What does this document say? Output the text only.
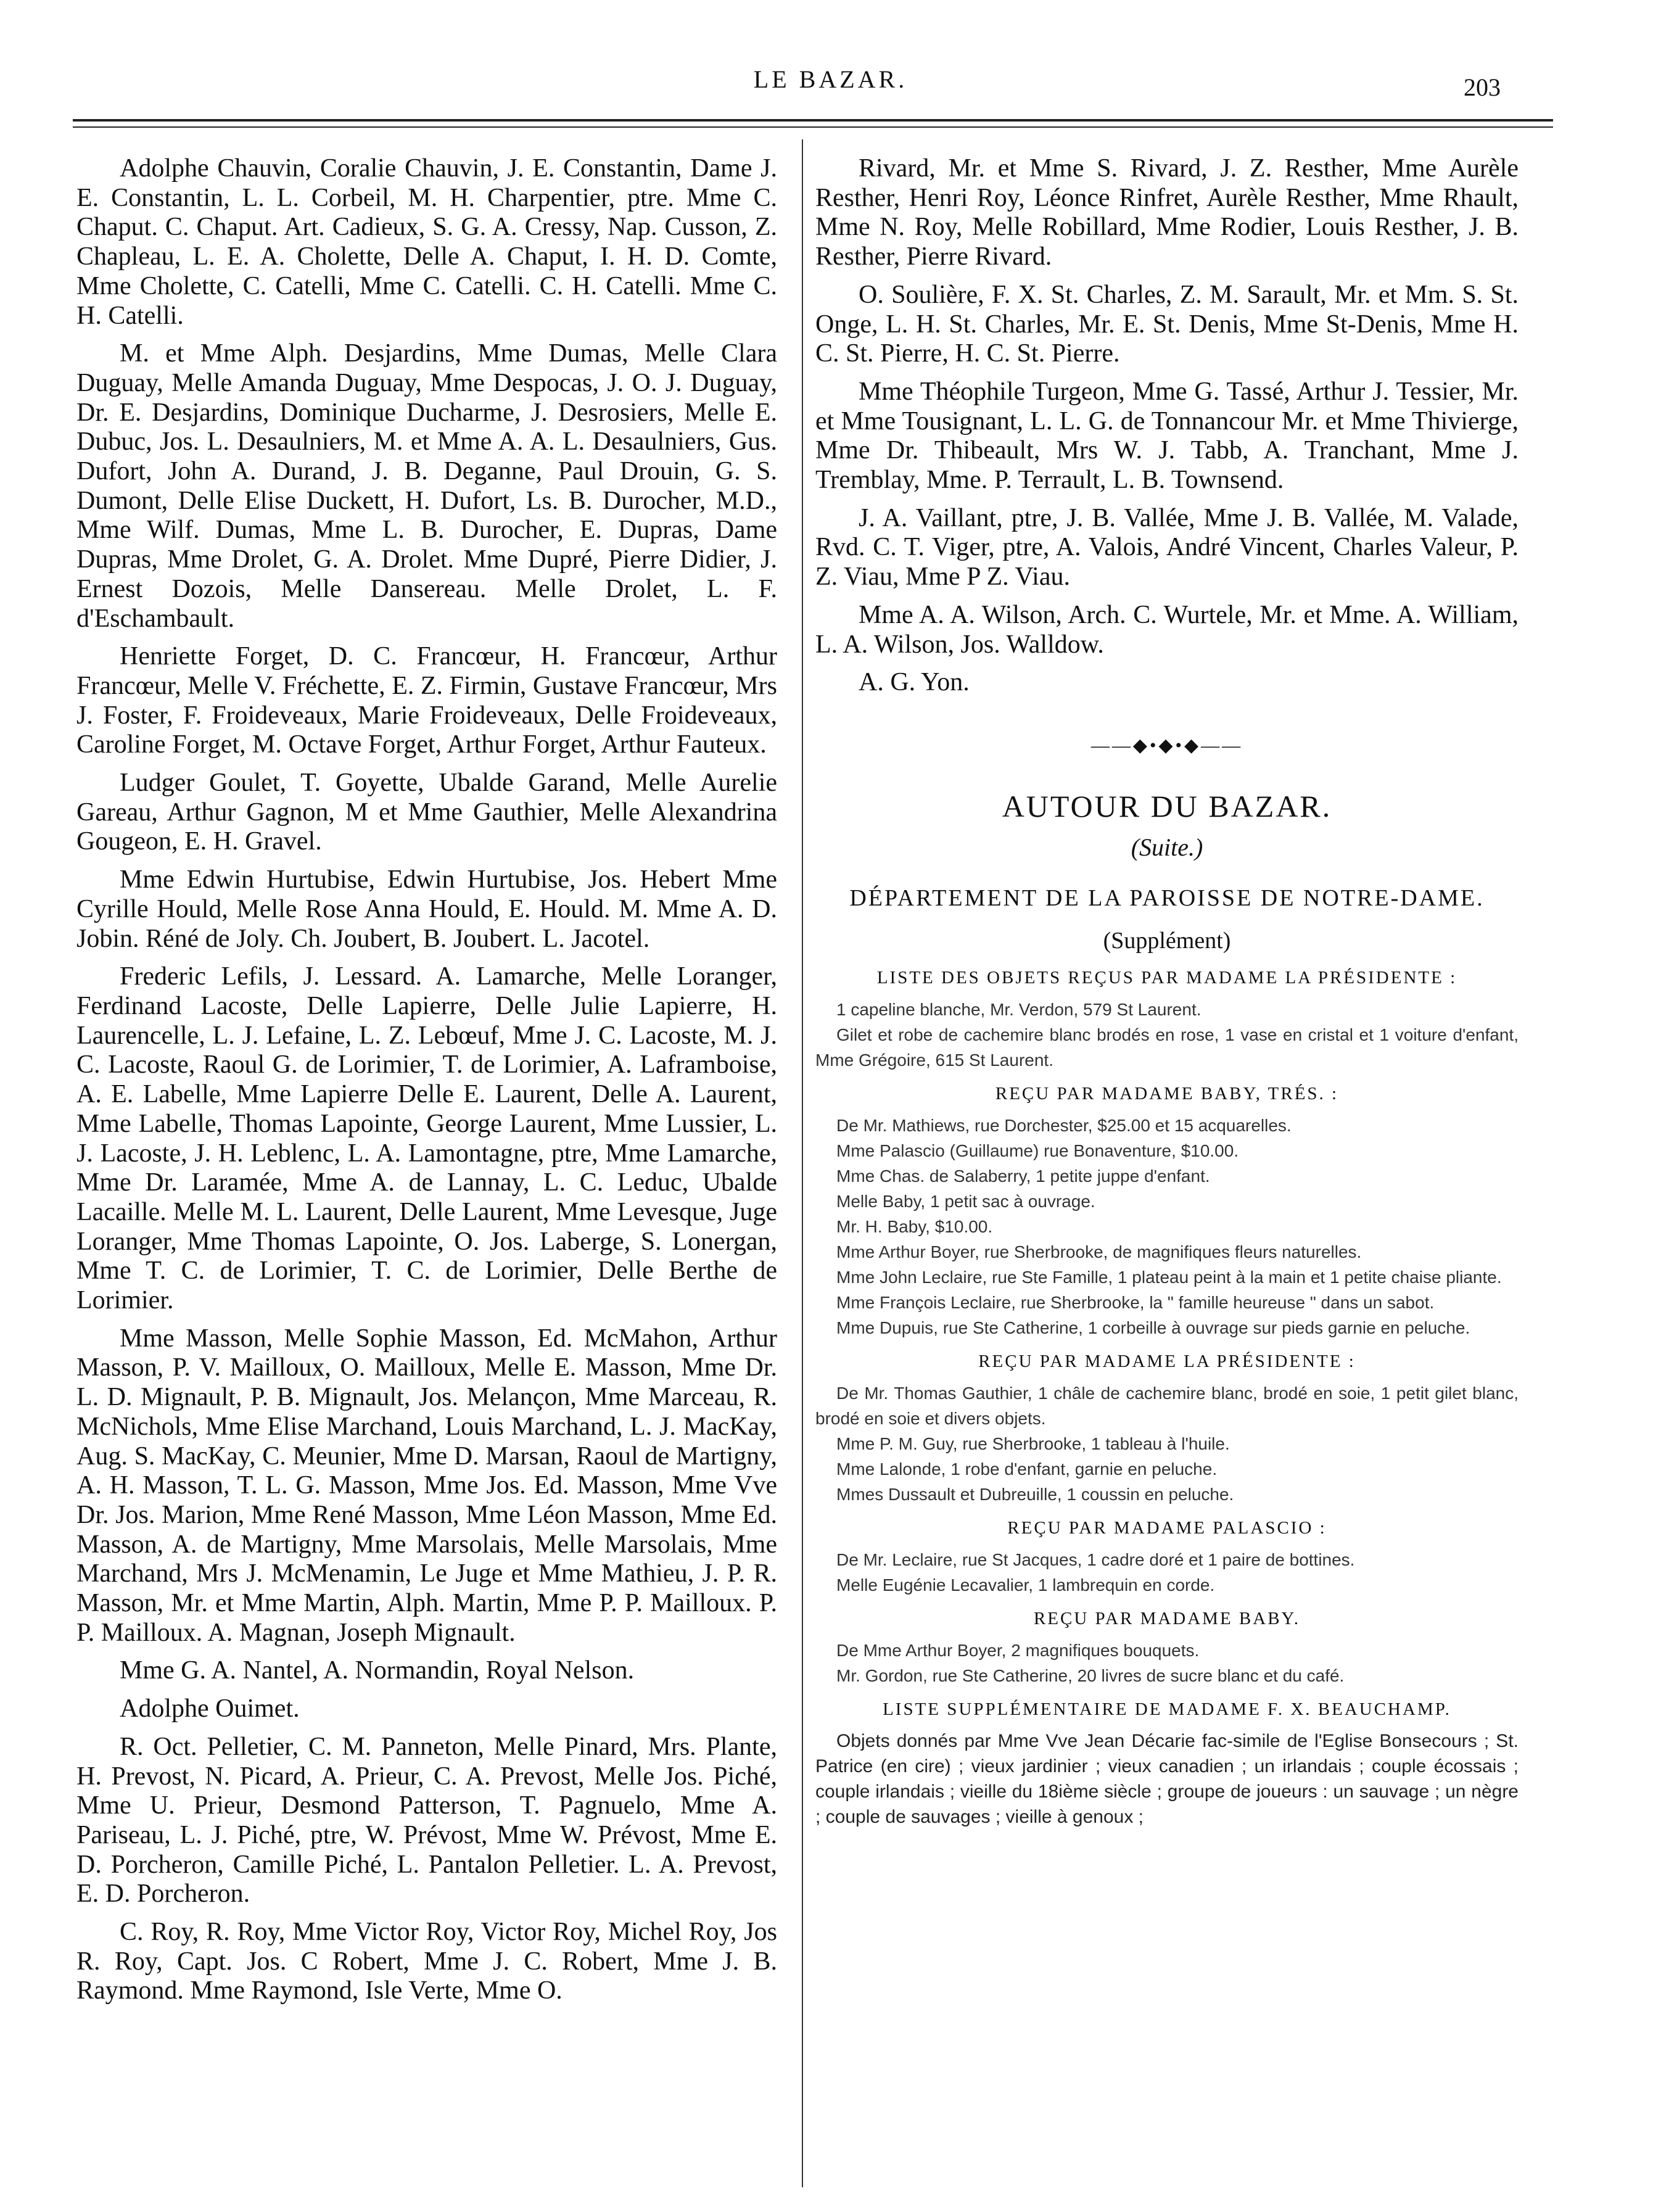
LE BAZAR.	203

Adolphe Chauvin, Coralie Chauvin, J. E. Constantin, Dame J. E. Constantin, L. L. Corbeil, M. H. Charpentier, ptre. Mme C. Chaput. C. Chaput. Art. Cadieux, S. G. A. Cressy, Nap. Cusson, Z. Chapleau, L. E. A. Cholette, Delle A. Chaput, I. H. D. Comte, Mme Cholette, C. Catelli, Mme C. Catelli. C. H. Catelli. Mme C. H. Catelli.

M. et Mme Alph. Desjardins, Mme Dumas, Melle Clara Duguay, Melle Amanda Duguay, Mme Despocas, J. O. J. Duguay, Dr. E. Desjardins, Dominique Ducharme, J. Desrosiers, Melle E. Dubuc, Jos. L. Desaulniers, M. et Mme A. A. L. Desaulniers, Gus. Dufort, John A. Durand, J. B. Deganne, Paul Drouin, G. S. Dumont, Delle Elise Duckett, H. Dufort, Ls. B. Durocher, M.D., Mme Wilf. Dumas, Mme L. B. Durocher, E. Dupras, Dame Dupras, Mme Drolet, G. A. Drolet. Mme Dupré, Pierre Didier, J. Ernest Dozois, Melle Dansereau. Melle Drolet, L. F. d'Eschambault.

Henriette Forget, D. C. Francœur, H. Francœur, Arthur Francœur, Melle V. Fréchette, E. Z. Firmin, Gustave Francœur, Mrs J. Foster, F. Froideveaux, Marie Froideveaux, Delle Froideveaux, Caroline Forget, M. Octave Forget, Arthur Forget, Arthur Fauteux.

Ludger Goulet, T. Goyette, Ubalde Garand, Melle Aurelie Gareau, Arthur Gagnon, M et Mme Gauthier, Melle Alexandrina Gougeon, E. H. Gravel.

Mme Edwin Hurtubise, Edwin Hurtubise, Jos. Hebert Mme Cyrille Hould, Melle Rose Anna Hould, E. Hould. M. Mme A. D. Jobin. Réné de Joly. Ch. Joubert, B. Joubert. L. Jacotel.

Frederic Lefils, J. Lessard. A. Lamarche, Melle Loranger, Ferdinand Lacoste, Delle Lapierre, Delle Julie Lapierre, H. Laurencelle, L. J. Lefaine, L. Z. Lebœuf, Mme J. C. Lacoste, M. J. C. Lacoste, Raoul G. de Lorimier, T. de Lorimier, A. Laframboise, A. E. Labelle, Mme Lapierre Delle E. Laurent, Delle A. Laurent, Mme Labelle, Thomas Lapointe, George Laurent, Mme Lussier, L. J. Lacoste, J. H. Leblenc, L. A. Lamontagne, ptre, Mme Lamarche, Mme Dr. Laramée, Mme A. de Lannay, L. C. Leduc, Ubalde Lacaille. Melle M. L. Laurent, Delle Laurent, Mme Levesque, Juge Loranger, Mme Thomas Lapointe, O. Jos. Laberge, S. Lonergan, Mme T. C. de Lorimier, T. C. de Lorimier, Delle Berthe de Lorimier.

Mme Masson, Melle Sophie Masson, Ed. McMahon, Arthur Masson, P. V. Mailloux, O. Mailloux, Melle E. Masson, Mme Dr. L. D. Mignault, P. B. Mignault, Jos. Melançon, Mme Marceau, R. McNichols, Mme Elise Marchand, Louis Marchand, L. J. MacKay, Aug. S. MacKay, C. Meunier, Mme D. Marsan, Raoul de Martigny, A. H. Masson, T. L. G. Masson, Mme Jos. Ed. Masson, Mme Vve Dr. Jos. Marion, Mme René Masson, Mme Léon Masson, Mme Ed. Masson, A. de Martigny, Mme Marsolais, Melle Marsolais, Mme Marchand, Mrs J. McMenamin, Le Juge et Mme Mathieu, J. P. R. Masson, Mr. et Mme Martin, Alph. Martin, Mme P. P. Mailloux. P. P. Mailloux. A. Magnan, Joseph Mignault.

Mme G. A. Nantel, A. Normandin, Royal Nelson.

Adolphe Ouimet.

R. Oct. Pelletier, C. M. Panneton, Melle Pinard, Mrs. Plante, H. Prevost, N. Picard, A. Prieur, C. A. Prevost, Melle Jos. Piché, Mme U. Prieur, Desmond Patterson, T. Pagnuelo, Mme A. Pariseau, L. J. Piché, ptre, W. Prévost, Mme W. Prévost, Mme E. D. Porcheron, Camille Piché, L. Pantalon Pelletier. L. A. Prevost, E. D. Porcheron.

C. Roy, R. Roy, Mme Victor Roy, Victor Roy, Michel Roy, Jos R. Roy, Capt. Jos. C Robert, Mme J. C. Robert, Mme J. B. Raymond. Mme Raymond, Isle Verte, Mme O.

Rivard, Mr. et Mme S. Rivard, J. Z. Resther, Mme Aurèle Resther, Henri Roy, Léonce Rinfret, Aurèle Resther, Mme Rhault, Mme N. Roy, Melle Robillard, Mme Rodier, Louis Resther, J. B. Resther, Pierre Rivard.

O. Soulière, F. X. St. Charles, Z. M. Sarault, Mr. et Mm. S. St. Onge, L. H. St. Charles, Mr. E. St. Denis, Mme St-Denis, Mme H. C. St. Pierre, H. C. St. Pierre.

Mme Théophile Turgeon, Mme G. Tassé, Arthur J. Tessier, Mr. et Mme Tousignant, L. L. G. de Tonnancour Mr. et Mme Thivierge, Mme Dr. Thibeault, Mrs W. J. Tabb, A. Tranchant, Mme J. Tremblay, Mme. P. Terrault, L. B. Townsend.

J. A. Vaillant, ptre, J. B. Vallée, Mme J. B. Vallée, M. Valade, Rvd. C. T. Viger, ptre, A. Valois, André Vincent, Charles Valeur, P. Z. Viau, Mme P Z. Viau.

Mme A. A. Wilson, Arch. C. Wurtele, Mr. et Mme. A. William, L. A. Wilson, Jos. Walldow.

A. G. Yon.

——◆•◆•◆——
AUTOUR DU BAZAR.
(Suite.)
DÉPARTEMENT DE LA PAROISSE DE NOTRE-DAME.
(Supplément)
LISTE DES OBJETS REÇUS PAR MADAME LA PRÉSIDENTE :

1 capeline blanche, Mr. Verdon, 579 St Laurent.

Gilet et robe de cachemire blanc brodés en rose, 1 vase en cristal et 1 voiture d'enfant, Mme Grégoire, 615 St Laurent.

REÇU PAR MADAME BABY, TRÉS. :

De Mr. Mathiews, rue Dorchester, $25.00 et 15 acquarelles.

Mme Palascio (Guillaume) rue Bonaventure, $10.00.

Mme Chas. de Salaberry, 1 petite juppe d'enfant.

Melle Baby, 1 petit sac à ouvrage.

Mr. H. Baby, $10.00.

Mme Arthur Boyer, rue Sherbrooke, de magnifiques fleurs naturelles.

Mme John Leclaire, rue Ste Famille, 1 plateau peint à la main et 1 petite chaise pliante.

Mme François Leclaire, rue Sherbrooke, la " famille heureuse " dans un sabot.

Mme Dupuis, rue Ste Catherine, 1 corbeille à ouvrage sur pieds garnie en peluche.

REÇU PAR MADAME LA PRÉSIDENTE :

De Mr. Thomas Gauthier, 1 châle de cachemire blanc, brodé en soie, 1 petit gilet blanc, brodé en soie et divers objets.

Mme P. M. Guy, rue Sherbrooke, 1 tableau à l'huile.

Mme Lalonde, 1 robe d'enfant, garnie en peluche.

Mmes Dussault et Dubreuille, 1 coussin en peluche.

REÇU PAR MADAME PALASCIO :

De Mr. Leclaire, rue St Jacques, 1 cadre doré et 1 paire de bottines.

Melle Eugénie Lecavalier, 1 lambrequin en corde.

REÇU PAR MADAME BABY.

De Mme Arthur Boyer, 2 magnifiques bouquets.

Mr. Gordon, rue Ste Catherine, 20 livres de sucre blanc et du café.

LISTE SUPPLÉMENTAIRE DE MADAME F. X. BEAUCHAMP.

Objets donnés par Mme Vve Jean Décarie fac-simile de l'Eglise Bonsecours ; St. Patrice (en cire) ; vieux jardinier ; vieux canadien ; un irlandais ; couple écossais ; couple irlandais ; vieille du 18ième siècle ; groupe de joueurs : un sauvage ; un nègre ; couple de sauvages ; vieille à genoux ;
